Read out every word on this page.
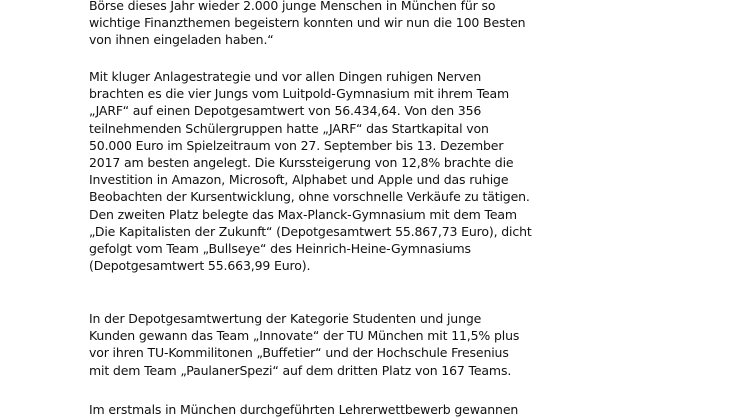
Börse dieses Jahr wieder 2.000 junge Menschen in München für so
wichtige Finanzthemen begeistern konnten und wir nun die 100 Besten
von ihnen eingeladen haben.“
Mit kluger Anlagestrategie und vor allen Dingen ruhigen Nerven
brachten es die vier Jungs vom Luitpold-Gymnasium mit ihrem Team
„JARF“ auf einen Depotgesamtwert von 56.434,64. Von den 356
teilnehmenden Schülergruppen hatte „JARF“ das Startkapital von
50.000 Euro im Spielzeitraum von 27. September bis 13. Dezember
2017 am besten angelegt. Die Kurssteigerung von 12,8% brachte die
Investition in Amazon, Microsoft, Alphabet und Apple und das ruhige
Beobachten der Kursentwicklung, ohne vorschnelle Verkäufe zu tätigen.
Den zweiten Platz belegte das Max-Planck-Gymnasium mit dem Team
„Die Kapitalisten der Zukunft“ (Depotgesamtwert 55.867,73 Euro), dicht
gefolgt vom Team „Bullseye“ des Heinrich-Heine-Gymnasiums
(Depotgesamtwert 55.663,99 Euro).
In der Depotgesamtwertung der Kategorie Studenten und junge
Kunden gewann das Team „Innovate“ der TU München mit 11,5% plus
vor ihren TU-Kommilitonen „Buffetier“ und der Hochschule Fresenius
mit dem Team „PaulanerSpezi“ auf dem dritten Platz von 167 Teams.
Im erstmals in München durchgeführten Lehrerwettbewerb gewannen
